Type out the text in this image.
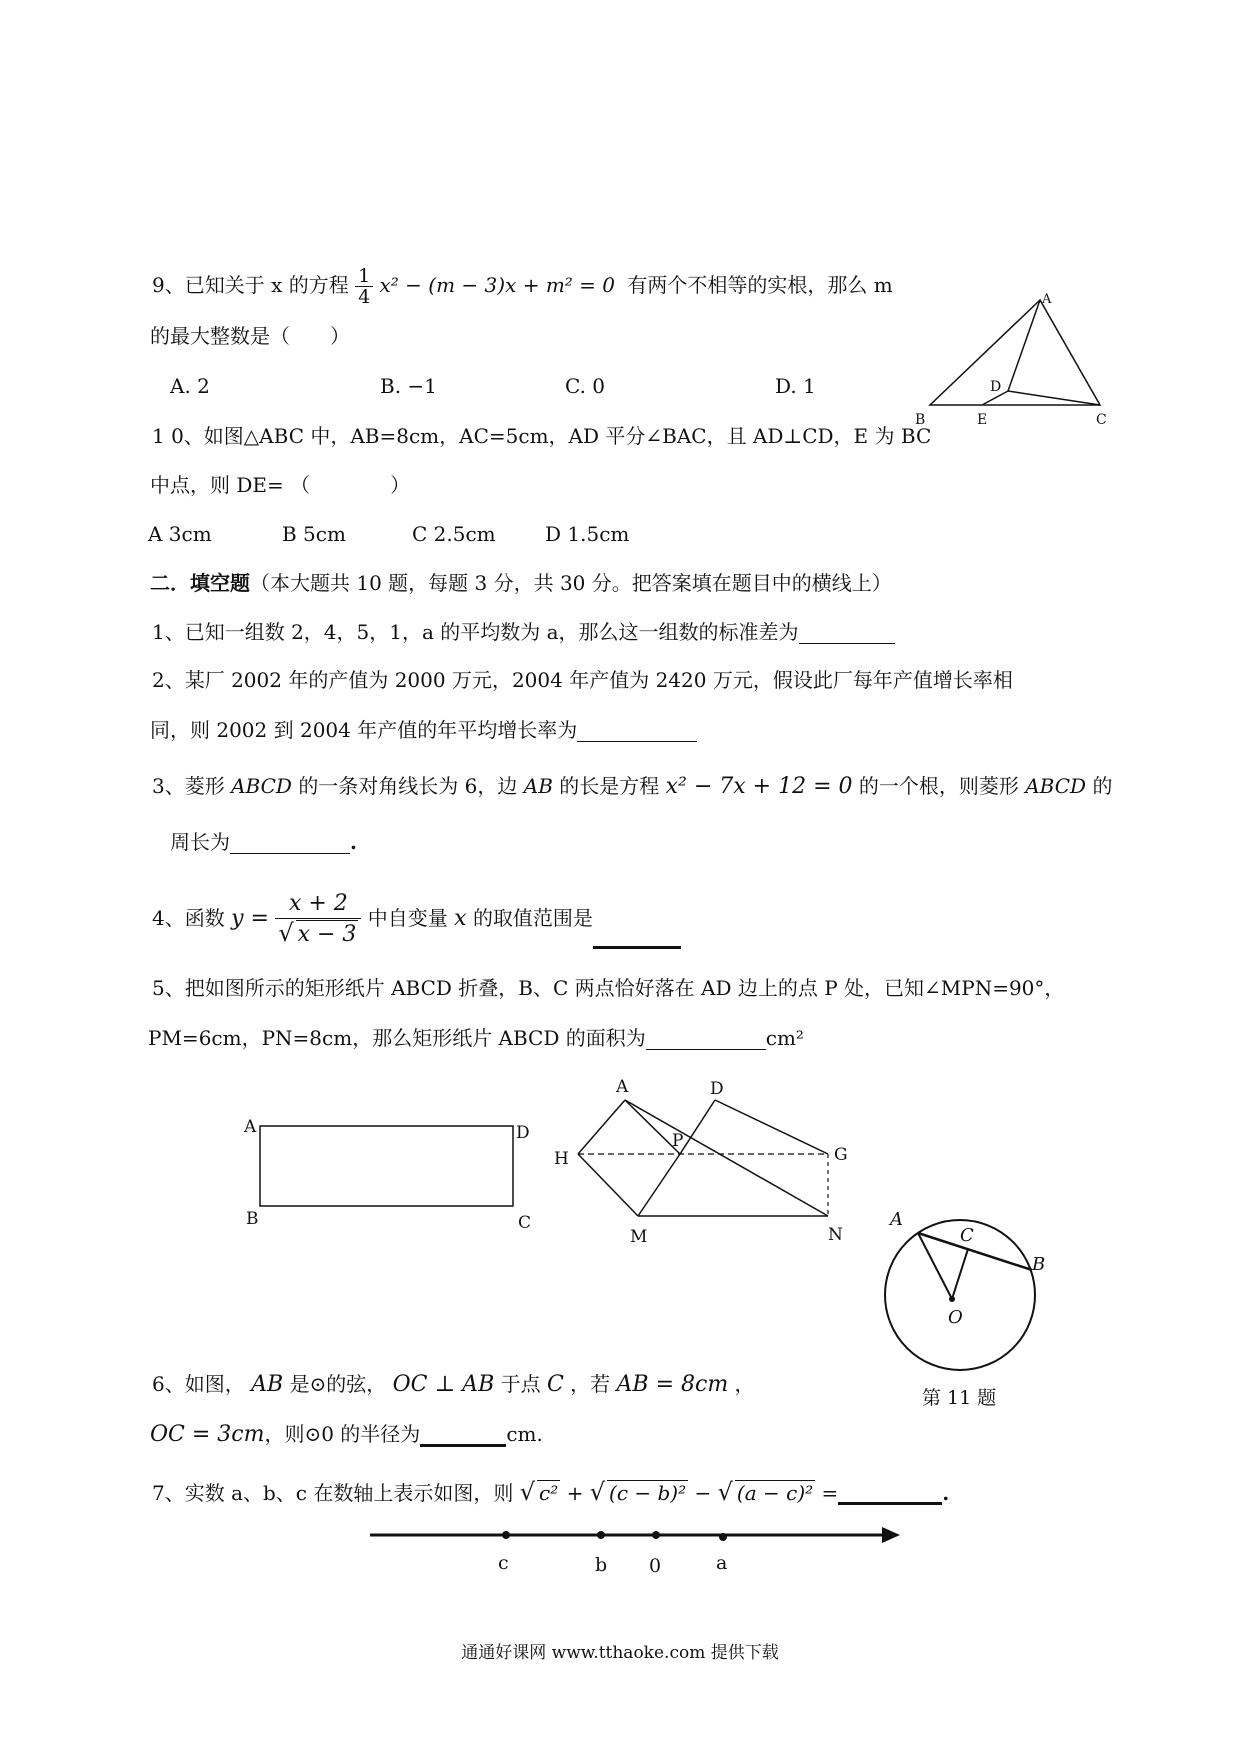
9、已知关于 x 的方程 $\frac{1}{4} x^2 - (m - 3)x + m^2 = 0$ 有两个不相等的实根，那么 m
的最大整数是（　　）
A. 2	B. −1	C. 0	D. 1
A
B	E
D
C
1 0、如图△ABC 中，AB=8cm，AC=5cm，AD 平分∠BAC，且 AD⊥CD，E 为 BC
中点，则 DE= （　　　　）
A 3cm	B 5cm	C 2.5cm D 1.5cm
二．填空题（本大题共 10 题，每题 3 分，共 30 分。把答案填在题目中的横线上）
1、已知一组数 2，4，5，1，a 的平均数为 a，那么这一组数的标准差为
2、某厂 2002 年的产值为 2000 万元，2004 年产值为 2420 万元，假设此厂每年产值增长率相
同，则 2002 到 2004 年产值的年平均增长率为
3、菱形 ABCD 的一条对角线长为 6，边 AB 的长是方程 x² − 7x + 12 = 0 的一个根，则菱形 ABCD 的
周长为	.
4、函数 $y = \frac{x + 2}{√ x - 3}$ 中自变量 x 的取值范围是
5、把如图所示的矩形纸片 ABCD 折叠，B、C 两点恰好落在 AD 边上的点 P 处，已知∠MPN=90°，
PM=6cm，PN=8cm，那么矩形纸片 ABCD 的面积为	cm²
A	D
B	C
A	D
P
H	G
M	N
A
C
B
O
第 11 题
6、如图， AB 是⊙的弦， OC ⊥ AB 于点 C ，若 AB = 8cm ，
OC = 3cm，则⊙0 的半径为	cm.
7、实数 a、b、c 在数轴上表示如图，则 √ c² + √ (c − b)² − √ (a − c)² =	.
c	b 0	a
通通好课网 www.tthaoke.com 提供下载
